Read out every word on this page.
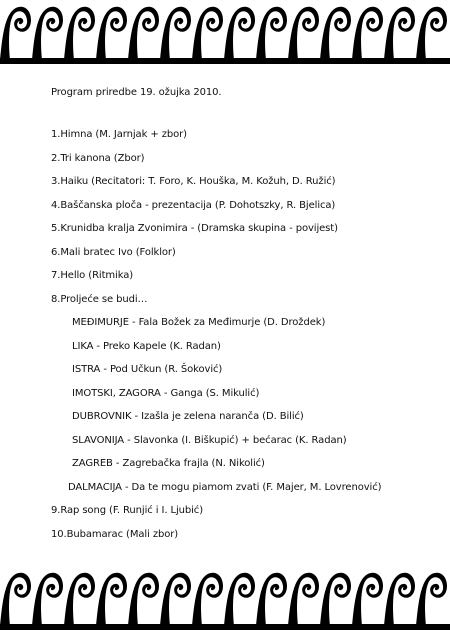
Program priredbe 19. ožujka 2010.
1.Himna (M. Jarnjak + zbor)
2.Tri kanona (Zbor)
3.Haiku (Recitatori: T. Foro, K. Houška, M. Kožuh, D. Ružić)
4.Baščanska ploča - prezentacija (P. Dohotszky, R. Bjelica)
5.Krunidba kralja Zvonimira - (Dramska skupina - povijest)
6.Mali bratec Ivo (Folklor)
7.Hello (Ritmika)
8.Proljeće se budi…
MEĐIMURJE - Fala Božek za Međimurje (D. Droždek)
LIKA - Preko Kapele (K. Radan)
ISTRA - Pod Učkun (R. Šoković)
IMOTSKI, ZAGORA - Ganga (S. Mikulić)
DUBROVNIK - Izašla je zelena naranča (D. Bilić)
SLAVONIJA - Slavonka (I. Biškupić) + bećarac (K. Radan)
ZAGREB - Zagrebačka frajla (N. Nikolić)
DALMACIJA - Da te mogu piamom zvati (F. Majer, M. Lovrenović)
9.Rap song (F. Runjić i I. Ljubić)
10.Bubamarac (Mali zbor)
